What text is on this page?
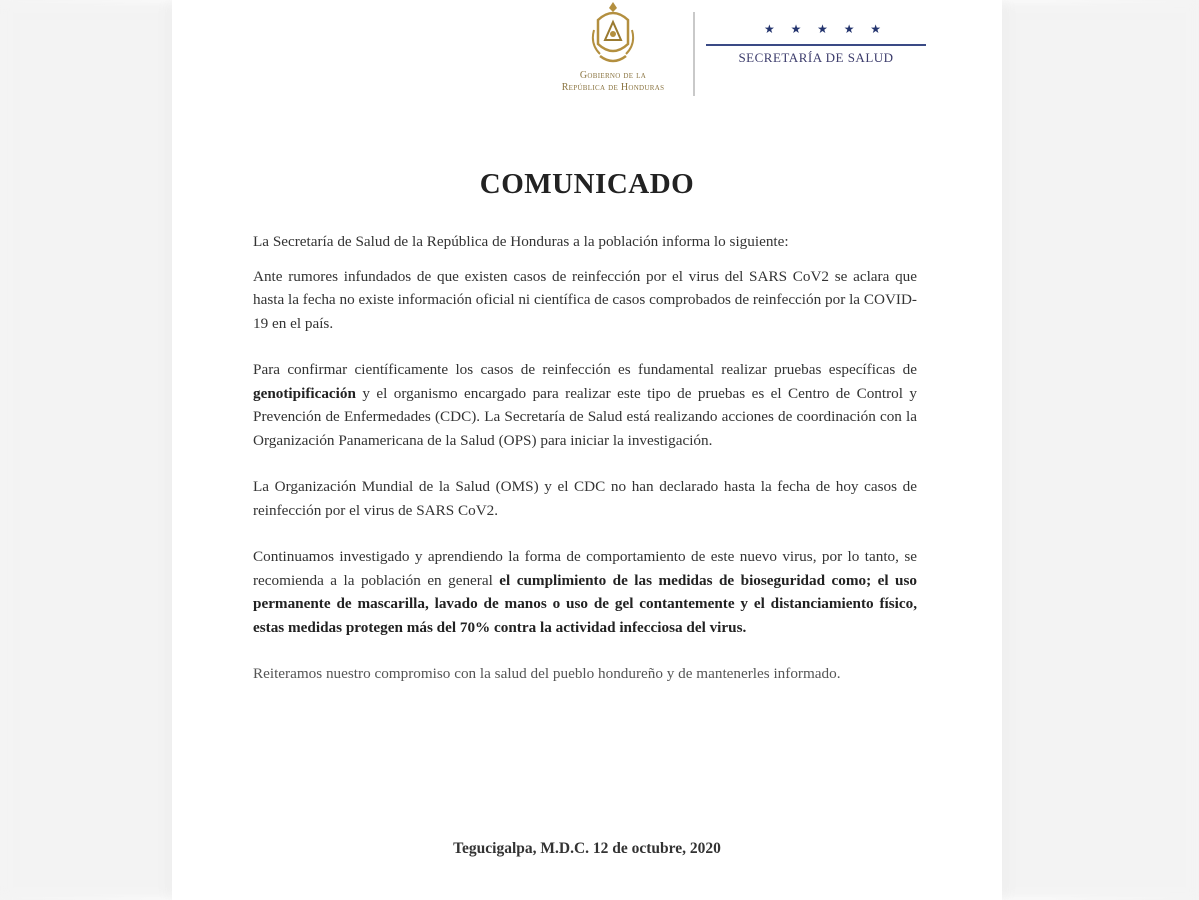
Gobierno de la
República de Honduras
★ ★ ★ ★ ★
SECRETARÍA DE SALUD
COMUNICADO

La Secretaría de Salud de la República de Honduras a la población informa lo siguiente:

Ante rumores infundados de que existen casos de reinfección por el virus del SARS CoV2 se aclara que hasta la fecha no existe información oficial ni científica de casos comprobados de reinfección por la COVID-19 en el país.

Para confirmar científicamente los casos de reinfección es fundamental realizar pruebas específicas de genotipificación y el organismo encargado para realizar este tipo de pruebas es el Centro de Control y Prevención de Enfermedades (CDC). La Secretaría de Salud está realizando acciones de coordinación con la Organización Panamericana de la Salud (OPS) para iniciar la investigación.

La Organización Mundial de la Salud (OMS) y el CDC no han declarado hasta la fecha de hoy casos de reinfección por el virus de SARS CoV2.

Continuamos investigado y aprendiendo la forma de comportamiento de este nuevo virus, por lo tanto, se recomienda a la población en general el cumplimiento de las medidas de bioseguridad como; el uso permanente de mascarilla, lavado de manos o uso de gel contantemente y el distanciamiento físico, estas medidas protegen más del 70% contra la actividad infecciosa del virus.

Reiteramos nuestro compromiso con la salud del pueblo hondureño y de mantenerles informado.

Tegucigalpa, M.D.C. 12 de octubre, 2020
